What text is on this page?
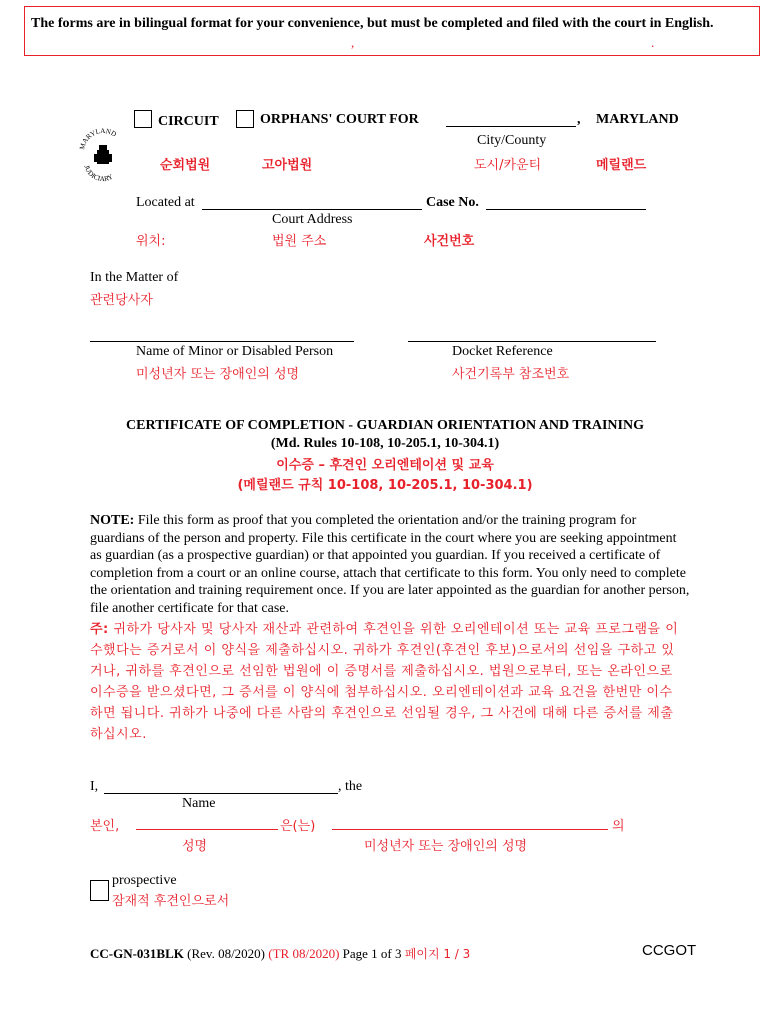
The forms are in bilingual format for your convenience, but must be completed and filed with the court in English.
,	.
MARYLAND
JUDICIARY
CIRCUIT	ORPHANS' COURT FOR	, MARYLAND
City/County
순회법원	고아법원	도시/카운티	메릴랜드
Located at	Case No.
Court Address
위치:	법원 주소	사건번호
In the Matter of
관련당사자
Name of Minor or Disabled Person	Docket Reference
미성년자 또는 장애인의 성명	사건기록부 참조번호
CERTIFICATE OF COMPLETION - GUARDIAN ORIENTATION AND TRAINING
(Md. Rules 10-108, 10-205.1, 10-304.1)
이수증 – 후견인 오리엔테이션 및 교육
(메릴랜드 규칙 10-108, 10-205.1, 10-304.1)
NOTE: File this form as proof that you completed the orientation and/or the training program for guardians of the person and property. File this certificate in the court where you are seeking appointment as guardian (as a prospective guardian) or that appointed you guardian. If you received a certificate of completion from a court or an online course, attach that certificate to this form. You only need to complete the orientation and training requirement once. If you are later appointed as the guardian for another person, file another certificate for that case.
주: 귀하가 당사자 및 당사자 재산과 관련하여 후견인을 위한 오리엔테이션 또는 교육 프로그램을 이수했다는 증거로서 이 양식을 제출하십시오. 귀하가 후견인(후견인 후보)으로서의 선임을 구하고 있거나, 귀하를 후견인으로 선임한 법원에 이 증명서를 제출하십시오. 법원으로부터, 또는 온라인으로 이수증을 받으셨다면, 그 증서를 이 양식에 첨부하십시오. 오리엔테이션과 교육 요건을 한번만 이수하면 됩니다. 귀하가 나중에 다른 사람의 후견인으로 선임될 경우, 그 사건에 대해 다른 증서를 제출하십시오.
I,	, the
Name
본인,	은(는)	의
성명	미성년자 또는 장애인의 성명
prospective
잠재적 후견인으로서
CC-GN-031BLK (Rev. 08/2020) (TR 08/2020) Page 1 of 3 페이지 1 / 3	CCGOT
